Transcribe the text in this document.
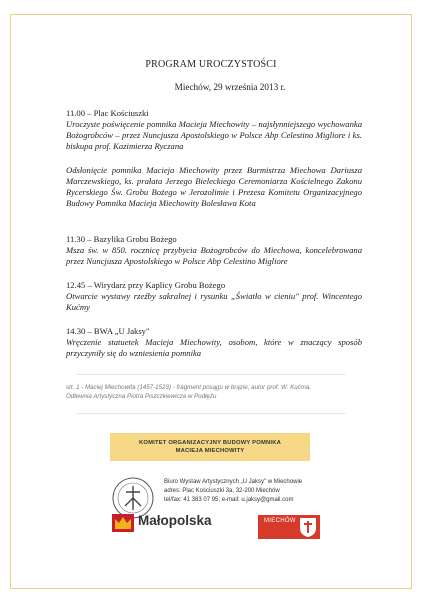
PROGRAM UROCZYSTOŚCI
Miechów, 29 września 2013 r.
11.00 – Plac Kościuszki
Uroczyste poświęcenie pomnika Macieja Miechowity – najsłynniejszego wychowanka Bożogrobców – przez Nuncjusza Apostolskiego w Polsce Abp Celestino Migliore i ks. biskupa prof. Kazimierza Ryczana
Odsłonięcie pomnika Macieja Miechowity przez Burmistrza Miechowa Dariusza Marczewskiego, ks. prałata Jerzego Bieleckiego Ceremoniarza Kościelnego Zakonu Rycerskiego Św. Grobu Bożego w Jerozolimie i Prezesa Komitetu Organizacyjnego Budowy Pomnika Macieja Miechowity Bolesława Kota
11.30 – Bazylika Grobu Bożego
Msza św. w 850. rocznicę przybycia Bożogrobców do Miechowa, koncelebrowana przez Nuncjusza Apostolskiego w Polsce Abp Celestino Migliore
12.45 – Wirydarz przy Kaplicy Grobu Bożego
Otwarcie wystawy rzeźby sakralnej i rysunku „Światło w cieniu" prof. Wincentego Kućmy
14.30 – BWA „U Jaksy"
Wręczenie statuetek Macieja Miechowity, osobom, które w znaczący sposób przyczyniły się do wzniesienia pomnika
str. 1 - Maciej Miechowita (1457-1523) - fragment posągu w brązie, autor prof. W. Kućma,
Odlewnia Artystyczna Piotra Piszczkiewicza w Podłężu
KOMITET ORGANIZACYJNY BUDOWY POMNIKA
MACIEJA MIECHOWITY
Biuro Wystaw Artystycznych „U Jaksy" w Miechowie
adres: Plac Kościuszki 3a, 32-200 Miechów
tel/fax: 41 383 07 95; e-mail: u.jaksy@gmail.com
Małopolska	MIECHÓW
